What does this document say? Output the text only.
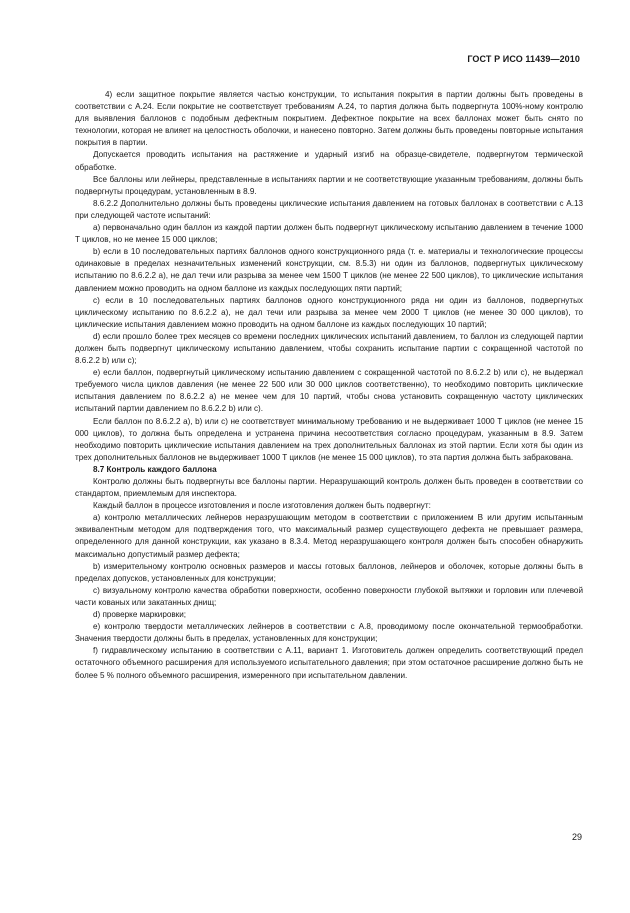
ГОСТ Р ИСО 11439—2010

4) если защитное покрытие является частью конструкции, то испытания покрытия в партии должны быть проведены в соответствии с А.24. Если покрытие не соответствует требованиям А.24, то партия должна быть подвергнута 100%-ному контролю для выявления баллонов с подобным дефектным покрытием. Дефектное покрытие на всех баллонах может быть снято по технологии, которая не влияет на целостность оболочки, и нанесено повторно. Затем должны быть проведены повторные испытания покрытия в партии.

Допускается проводить испытания на растяжение и ударный изгиб на образце-свидетеле, подвергнутом термической обработке.

Все баллоны или лейнеры, представленные в испытаниях партии и не соответствующие указанным требованиям, должны быть подвергнуты процедурам, установленным в 8.9.

8.6.2.2 Дополнительно должны быть проведены циклические испытания давлением на готовых баллонах в соответствии с А.13 при следующей частоте испытаний:

а) первоначально один баллон из каждой партии должен быть подвергнут циклическому испытанию давлением в течение 1000 T циклов, но не менее 15 000 циклов;

b) если в 10 последовательных партиях баллонов одного конструкционного ряда (т. е. материалы и технологические процессы одинаковые в пределах незначительных изменений конструкции, см. 8.5.3) ни один из баллонов, подвергнутых циклическому испытанию по 8.6.2.2 а), не дал течи или разрыва за менее чем 1500 T циклов (не менее 22 500 циклов), то циклические испытания давлением можно проводить на одном баллоне из каждых последующих пяти партий;

с) если в 10 последовательных партиях баллонов одного конструкционного ряда ни один из баллонов, подвергнутых циклическому испытанию по 8.6.2.2 а), не дал течи или разрыва за менее чем 2000 T циклов (не менее 30 000 циклов), то циклические испытания давлением можно проводить на одном баллоне из каждых последующих 10 партий;

d) если прошло более трех месяцев со времени последних циклических испытаний давлением, то баллон из следующей партии должен быть подвергнут циклическому испытанию давлением, чтобы сохранить испытание партии с сокращенной частотой по 8.6.2.2 b) или с);

е) если баллон, подвергнутый циклическому испытанию давлением с сокращенной частотой по 8.6.2.2 b) или с), не выдержал требуемого числа циклов давления (не менее 22 500 или 30 000 циклов соответственно), то необходимо повторить циклические испытания давлением по 8.6.2.2 а) не менее чем для 10 партий, чтобы снова установить сокращенную частоту циклических испытаний партии давлением по 8.6.2.2 b) или с).

Если баллон по 8.6.2.2 а), b) или с) не соответствует минимальному требованию и не выдерживает 1000 T циклов (не менее 15 000 циклов), то должна быть определена и устранена причина несоответствия согласно процедурам, указанным в 8.9. Затем необходимо повторить циклические испытания давлением на трех дополнительных баллонах из этой партии. Если хотя бы один из трех дополнительных баллонов не выдерживает 1000 T циклов (не менее 15 000 циклов), то эта партия должна быть забракована.

8.7 Контроль каждого баллона

Контролю должны быть подвергнуты все баллоны партии. Неразрушающий контроль должен быть проведен в соответствии со стандартом, приемлемым для инспектора.

Каждый баллон в процессе изготовления и после изготовления должен быть подвергнут:

а) контролю металлических лейнеров неразрушающим методом в соответствии с приложением В или другим испытанным эквивалентным методом для подтверждения того, что максимальный размер существующего дефекта не превышает размера, определенного для данной конструкции, как указано в 8.3.4. Метод неразрушающего контроля должен быть способен обнаружить максимально допустимый размер дефекта;

b) измерительному контролю основных размеров и массы готовых баллонов, лейнеров и оболочек, которые должны быть в пределах допусков, установленных для конструкции;

с) визуальному контролю качества обработки поверхности, особенно поверхности глубокой вытяжки и горловин или плечевой части кованых или закатанных днищ;

d) проверке маркировки;

е) контролю твердости металлических лейнеров в соответствии с А.8, проводимому после окончательной термообработки. Значения твердости должны быть в пределах, установленных для конструкции;

f) гидравлическому испытанию в соответствии с А.11, вариант 1. Изготовитель должен определить соответствующий предел остаточного объемного расширения для используемого испытательного давления; при этом остаточное расширение должно быть не более 5 % полного объемного расширения, измеренного при испытательном давлении.

29
